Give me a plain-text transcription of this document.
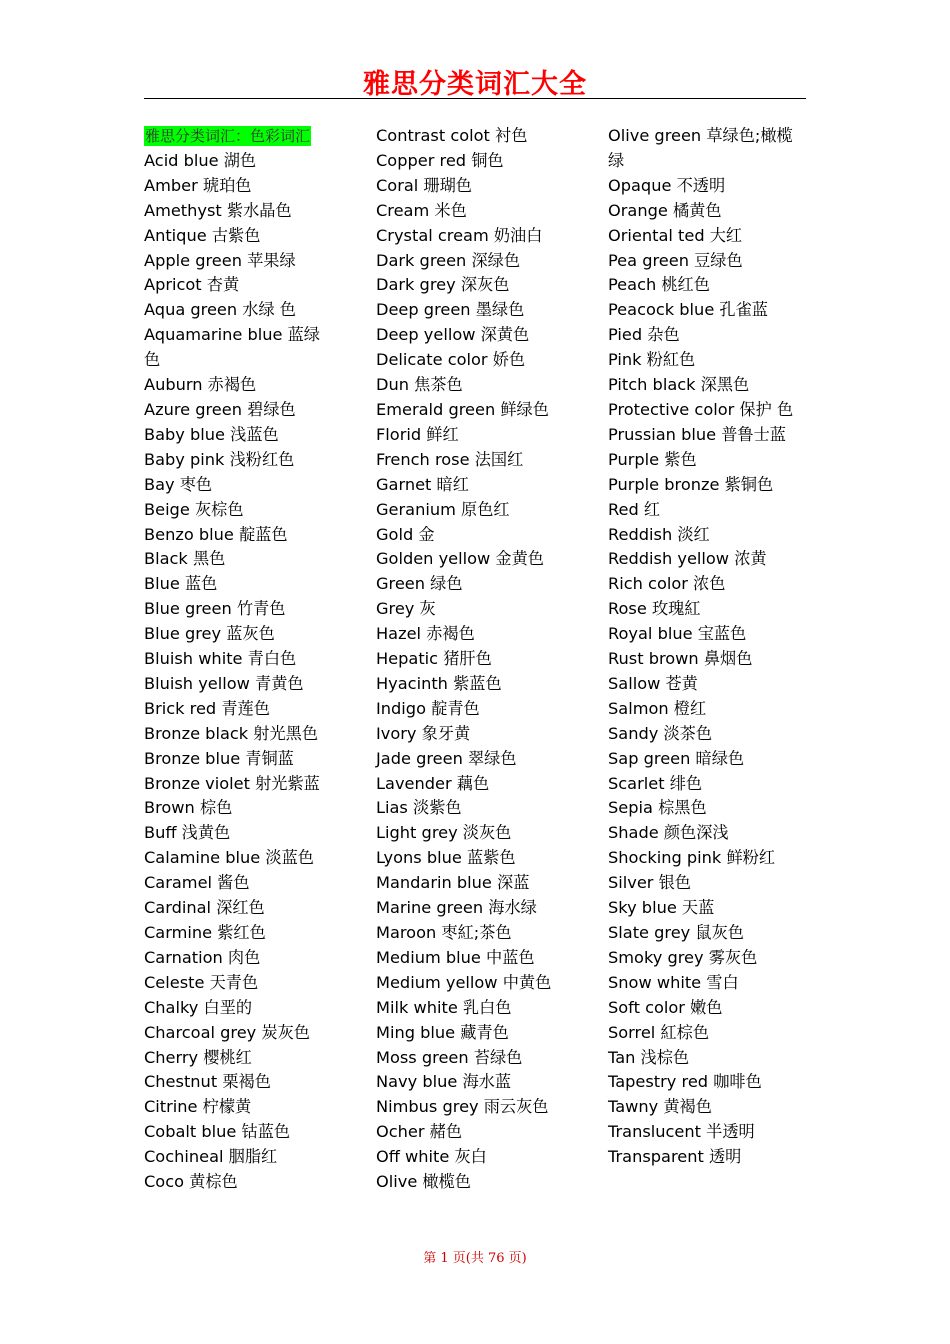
雅思分类词汇大全
雅思分类词汇：色彩词汇
Acid blue 湖色
Amber 琥珀色
Amethyst 紫水晶色
Antique 古紫色
Apple green 苹果绿
Apricot 杏黄
Aqua green 水绿 色
Aquamarine blue 蓝绿色
Auburn 赤褐色
Azure green 碧绿色
Baby blue 浅蓝色
Baby pink 浅粉红色
Bay 枣色
Beige 灰棕色
Benzo blue 靛蓝色
Black 黑色
Blue 蓝色
Blue green 竹青色
Blue grey 蓝灰色
Bluish white 青白色
Bluish yellow 青黄色
Brick red 青莲色
Bronze black 射光黑色
Bronze blue 青铜蓝
Bronze violet 射光紫蓝
Brown 棕色
Buff 浅黄色
Calamine blue 淡蓝色
Caramel 酱色
Cardinal 深红色
Carmine 紫红色
Carnation 肉色
Celeste 天青色
Chalky 白垩的
Charcoal grey 炭灰色
Cherry 樱桃红
Chestnut 栗褐色
Citrine 柠檬黄
Cobalt blue 钴蓝色
Cochineal 胭脂红
Coco 黄棕色
Contrast colot 衬色
Copper red 铜色
Coral 珊瑚色
Cream 米色
Crystal cream 奶油白
Dark green 深绿色
Dark grey 深灰色
Deep green 墨绿色
Deep yellow 深黄色
Delicate color 娇色
Dun 焦茶色
Emerald green 鲜绿色
Florid 鲜红
French rose 法国红
Garnet 暗红
Geranium 原色红
Gold 金
Golden yellow 金黄色
Green 绿色
Grey 灰
Hazel 赤褐色
Hepatic 猪肝色
Hyacinth 紫蓝色
Indigo 靛青色
Ivory 象牙黄
Jade green 翠绿色
Lavender 藕色
Lias 淡紫色
Light grey 淡灰色
Lyons blue 蓝紫色
Mandarin blue 深蓝
Marine green 海水绿
Maroon 枣紅;茶色
Medium blue 中蓝色
Medium yellow 中黄色
Milk white 乳白色
Ming blue 藏青色
Moss green 苔绿色
Navy blue 海水蓝
Nimbus grey 雨云灰色
Ocher 赭色
Off white 灰白
Olive 橄榄色
Olive green 草绿色;橄榄绿
Opaque 不透明
Orange 橘黄色
Oriental ted 大红
Pea green 豆绿色
Peach 桃红色
Peacock blue 孔雀蓝
Pied 杂色
Pink 粉紅色
Pitch black 深黑色
Protective color 保护 色
Prussian blue 普鲁士蓝
Purple 紫色
Purple bronze 紫铜色
Red 红
Reddish 淡红
Reddish yellow 浓黄
Rich color 浓色
Rose 玫瑰紅
Royal blue 宝蓝色
Rust brown 鼻烟色
Sallow 苍黄
Salmon 橙红
Sandy 淡茶色
Sap green 暗绿色
Scarlet 绯色
Sepia 棕黑色
Shade 颜色深浅
Shocking pink 鲜粉红
Silver 银色
Sky blue 天蓝
Slate grey 鼠灰色
Smoky grey 雾灰色
Snow white 雪白
Soft color 嫩色
Sorrel 紅棕色
Tan 浅棕色
Tapestry red 咖啡色
Tawny 黄褐色
Translucent 半透明
Transparent 透明
第 1 页(共 76 页)
